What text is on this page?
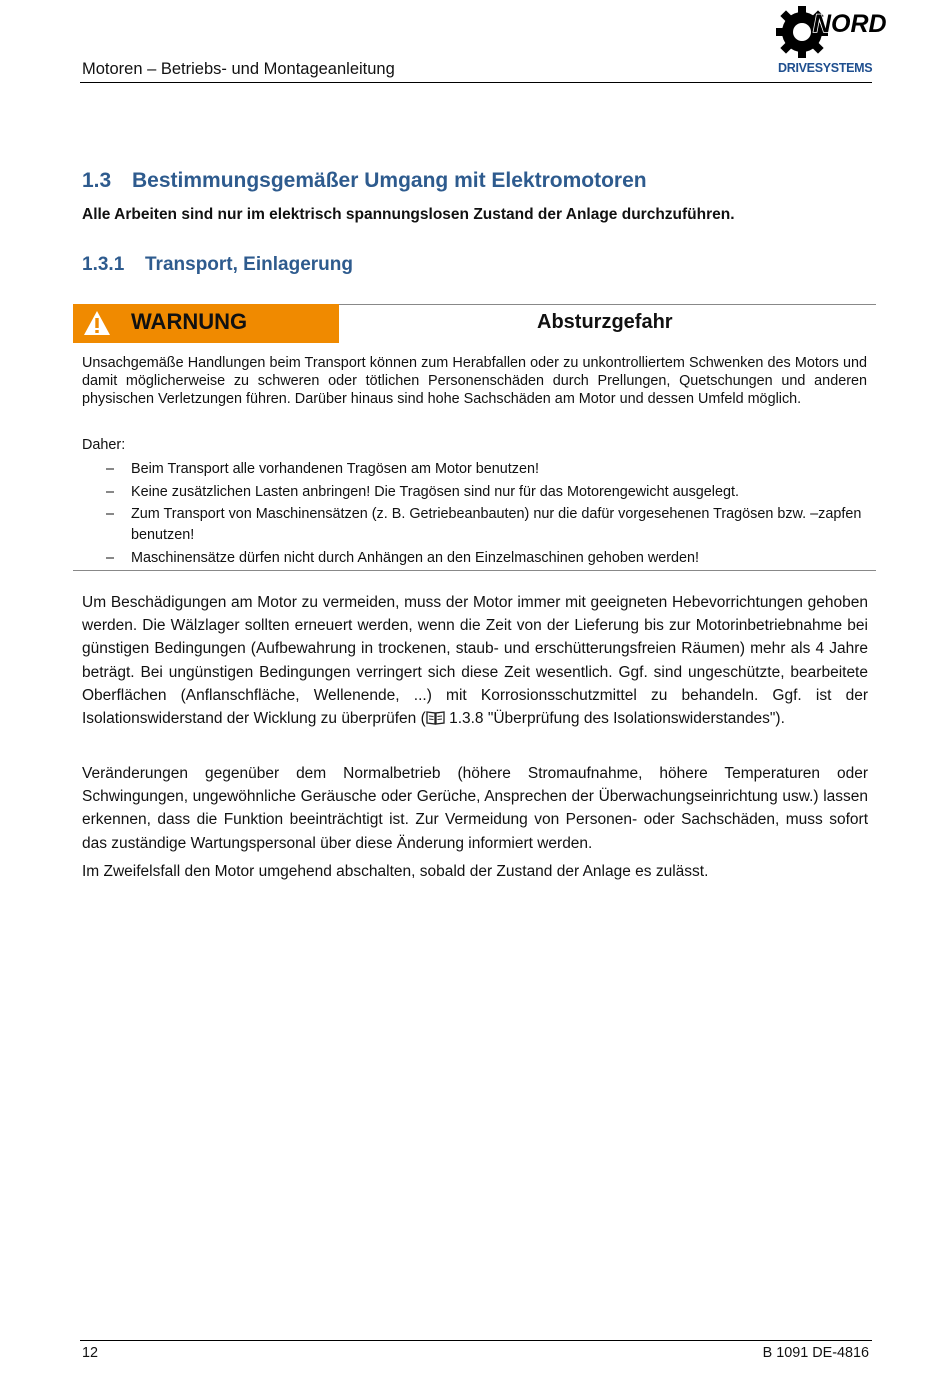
Motoren – Betriebs- und Montageanleitung
NORD
DRIVESYSTEMS
1.3 Bestimmungsgemäßer Umgang mit Elektromotoren
Alle Arbeiten sind nur im elektrisch spannungslosen Zustand der Anlage durchzuführen.
1.3.1 Transport, Einlagerung
WARNUNG	Absturzgefahr
Unsachgemäße Handlungen beim Transport können zum Herabfallen oder zu unkontrolliertem Schwenken des Motors und damit möglicherweise zu schweren oder tötlichen Personenschäden durch Prellungen, Quetschungen und anderen physischen Verletzungen führen. Darüber hinaus sind hohe Sachschäden am Motor und dessen Umfeld möglich.
Daher:
– Beim Transport alle vorhandenen Tragösen am Motor benutzen!
– Keine zusätzlichen Lasten anbringen! Die Tragösen sind nur für das Motorengewicht ausgelegt.
– Zum Transport von Maschinensätzen (z. B. Getriebeanbauten) nur die dafür vorgesehenen Tragösen bzw. –zapfen benutzen!
– Maschinensätze dürfen nicht durch Anhängen an den Einzelmaschinen gehoben werden!
Um Beschädigungen am Motor zu vermeiden, muss der Motor immer mit geeigneten Hebevorrichtungen gehoben werden. Die Wälzlager sollten erneuert werden, wenn die Zeit von der Lieferung bis zur Motorinbetriebnahme bei günstigen Bedingungen (Aufbewahrung in trockenen, staub- und erschütterungsfreien Räumen) mehr als 4 Jahre beträgt. Bei ungünstigen Bedingungen verringert sich diese Zeit wesentlich. Ggf. sind ungeschützte, bearbeitete Oberflächen (Anflanschfläche, Wellenende, ...) mit Korrosionsschutzmittel zu behandeln. Ggf. ist der Isolationswiderstand der Wicklung zu überprüfen ( 1.3.8 "Überprüfung des Isolationswiderstandes").
Veränderungen gegenüber dem Normalbetrieb (höhere Stromaufnahme, höhere Temperaturen oder Schwingungen, ungewöhnliche Geräusche oder Gerüche, Ansprechen der Überwachungseinrichtung usw.) lassen erkennen, dass die Funktion beeinträchtigt ist. Zur Vermeidung von Personen- oder Sachschäden, muss sofort das zuständige Wartungspersonal über diese Änderung informiert werden.
Im Zweifelsfall den Motor umgehend abschalten, sobald der Zustand der Anlage es zulässt.
12	B 1091 DE-4816
